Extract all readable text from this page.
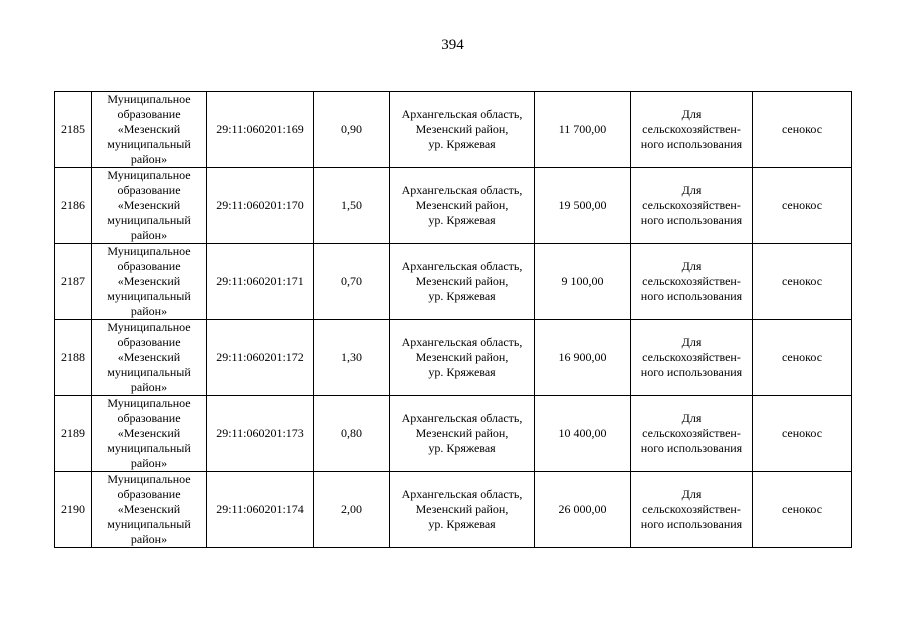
394
2185	Муниципальное
образование
«Мезенский
муниципальный
район»	29:11:060201:169	0,90	Архангельская область,
Мезенский район,
ур. Кряжевая	11 700,00	Для
сельскохозяйствен-
ного использования	сенокос
2186	Муниципальное
образование
«Мезенский
муниципальный
район»	29:11:060201:170	1,50	Архангельская область,
Мезенский район,
ур. Кряжевая	19 500,00	Для
сельскохозяйствен-
ного использования	сенокос
2187	Муниципальное
образование
«Мезенский
муниципальный
район»	29:11:060201:171	0,70	Архангельская область,
Мезенский район,
ур. Кряжевая	9 100,00	Для
сельскохозяйствен-
ного использования	сенокос
2188	Муниципальное
образование
«Мезенский
муниципальный
район»	29:11:060201:172	1,30	Архангельская область,
Мезенский район,
ур. Кряжевая	16 900,00	Для
сельскохозяйствен-
ного использования	сенокос
2189	Муниципальное
образование
«Мезенский
муниципальный
район»	29:11:060201:173	0,80	Архангельская область,
Мезенский район,
ур. Кряжевая	10 400,00	Для
сельскохозяйствен-
ного использования	сенокос
2190	Муниципальное
образование
«Мезенский
муниципальный
район»	29:11:060201:174	2,00	Архангельская область,
Мезенский район,
ур. Кряжевая	26 000,00	Для
сельскохозяйствен-
ного использования	сенокос
